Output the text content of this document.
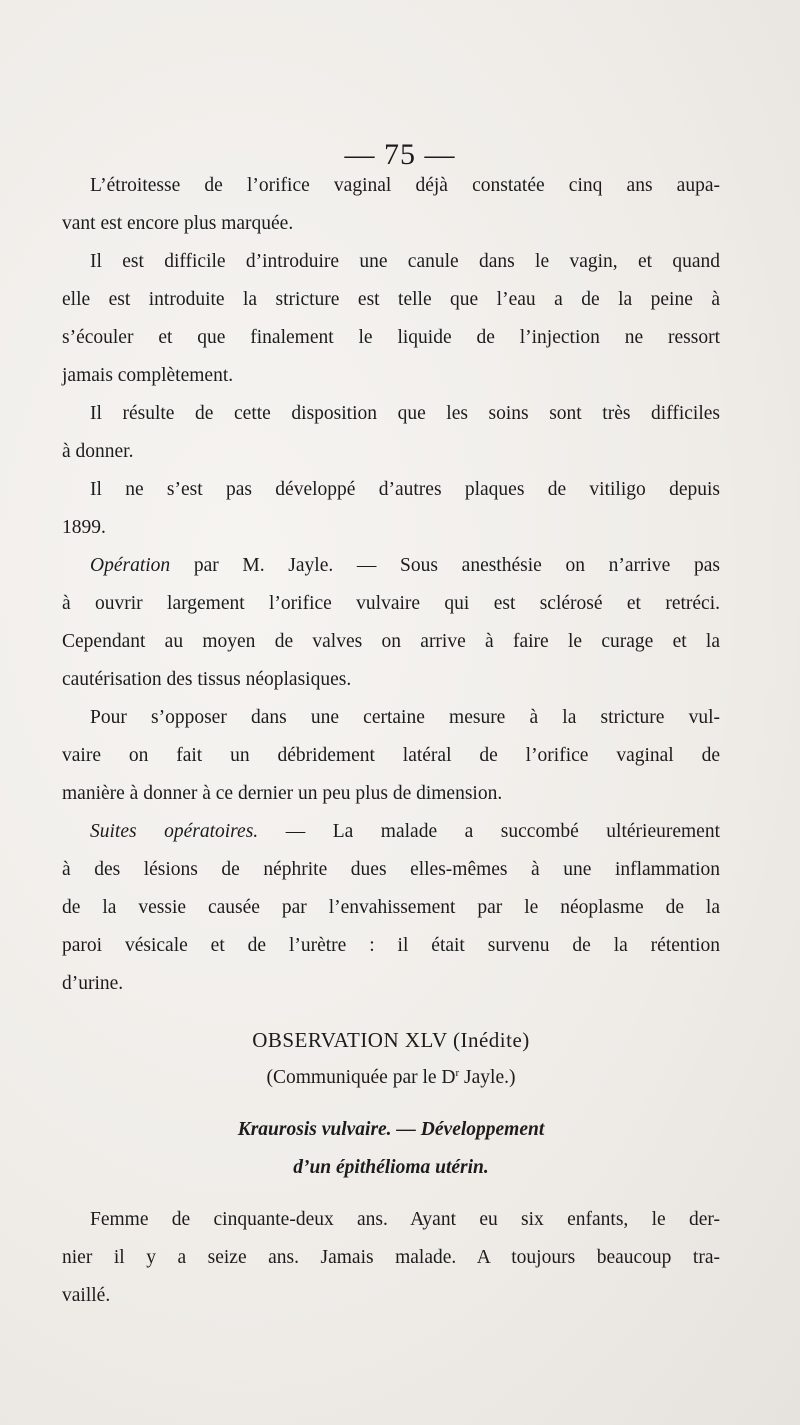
— 75 —

L’étroitesse de l’orifice vaginal déjà constatée cinq ans aupa-
vant est encore plus marquée.

Il est difficile d’introduire une canule dans le vagin, et quand
elle est introduite la stricture est telle que l’eau a de la peine à
s’écouler et que finalement le liquide de l’injection ne ressort
jamais complètement.

Il résulte de cette disposition que les soins sont très difficiles
à donner.

Il ne s’est pas développé d’autres plaques de vitiligo depuis
1899.

Opération par M. Jayle. — Sous anesthésie on n’arrive pas
à ouvrir largement l’orifice vulvaire qui est sclérosé et retréci.
Cependant au moyen de valves on arrive à faire le curage et la
cautérisation des tissus néoplasiques.

Pour s’opposer dans une certaine mesure à la stricture vul-
vaire on fait un débridement latéral de l’orifice vaginal de
manière à donner à ce dernier un peu plus de dimension.

Suites opératoires. — La malade a succombé ultérieurement
à des lésions de néphrite dues elles-mêmes à une inflammation
de la vessie causée par l’envahissement par le néoplasme de la
paroi vésicale et de l’urètre : il était survenu de la rétention
d’urine.

OBSERVATION XLV (Inédite)
(Communiquée par le $D^r$ Jayle.)
Kraurosis vulvaire. — Développement
d’un épithélioma utérin.

Femme de cinquante-deux ans. Ayant eu six enfants, le der-
nier il y a seize ans. Jamais malade. A toujours beaucoup tra-
vaillé.
